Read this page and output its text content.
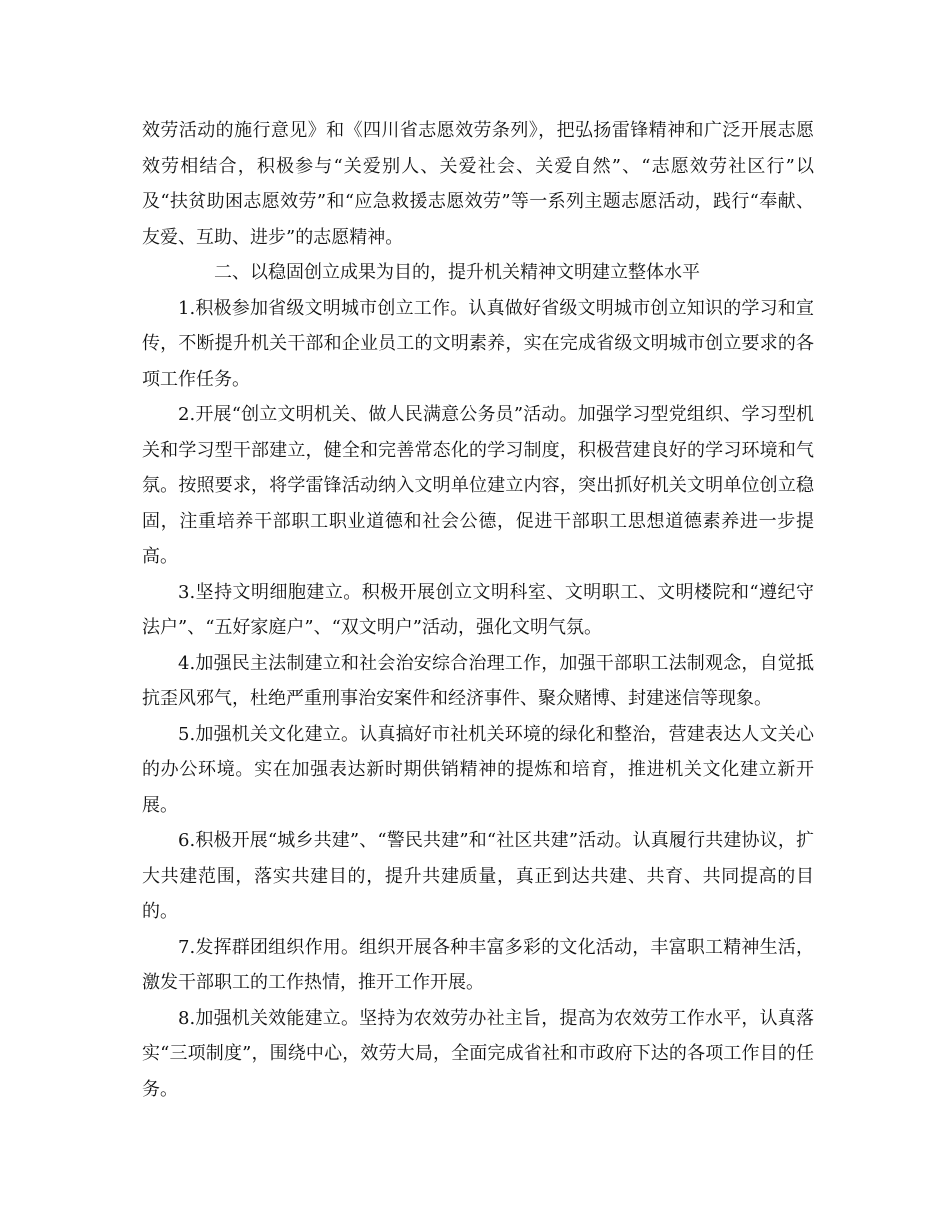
效劳活动的施行意见》和《四川省志愿效劳条列》，把弘扬雷锋精神和广泛开展志愿效劳相结合，积极参与“关爱别人、关爱社会、关爱自然”、“志愿效劳社区行”以及“扶贫助困志愿效劳”和“应急救援志愿效劳”等一系列主题志愿活动，践行“奉献、友爱、互助、进步”的志愿精神。

二、以稳固创立成果为目的，提升机关精神文明建立整体水平

1.积极参加省级文明城市创立工作。认真做好省级文明城市创立知识的学习和宣传，不断提升机关干部和企业员工的文明素养，实在完成省级文明城市创立要求的各项工作任务。

2.开展“创立文明机关、做人民满意公务员”活动。加强学习型党组织、学习型机关和学习型干部建立，健全和完善常态化的学习制度，积极营建良好的学习环境和气氛。按照要求，将学雷锋活动纳入文明单位建立内容，突出抓好机关文明单位创立稳固，注重培养干部职工职业道德和社会公德，促进干部职工思想道德素养进一步提高。

3.坚持文明细胞建立。积极开展创立文明科室、文明职工、文明楼院和“遵纪守法户”、“五好家庭户”、“双文明户”活动，强化文明气氛。

4.加强民主法制建立和社会治安综合治理工作，加强干部职工法制观念，自觉抵抗歪风邪气，杜绝严重刑事治安案件和经济事件、聚众赌博、封建迷信等现象。

5.加强机关文化建立。认真搞好市社机关环境的绿化和整治，营建表达人文关心的办公环境。实在加强表达新时期供销精神的提炼和培育，推进机关文化建立新开展。

6.积极开展“城乡共建”、“警民共建”和“社区共建”活动。认真履行共建协议，扩大共建范围，落实共建目的，提升共建质量，真正到达共建、共育、共同提高的目的。

7.发挥群团组织作用。组织开展各种丰富多彩的文化活动，丰富职工精神生活，激发干部职工的工作热情，推开工作开展。

8.加强机关效能建立。坚持为农效劳办社主旨，提高为农效劳工作水平，认真落实“三项制度”，围绕中心，效劳大局，全面完成省社和市政府下达的各项工作目的任务。
